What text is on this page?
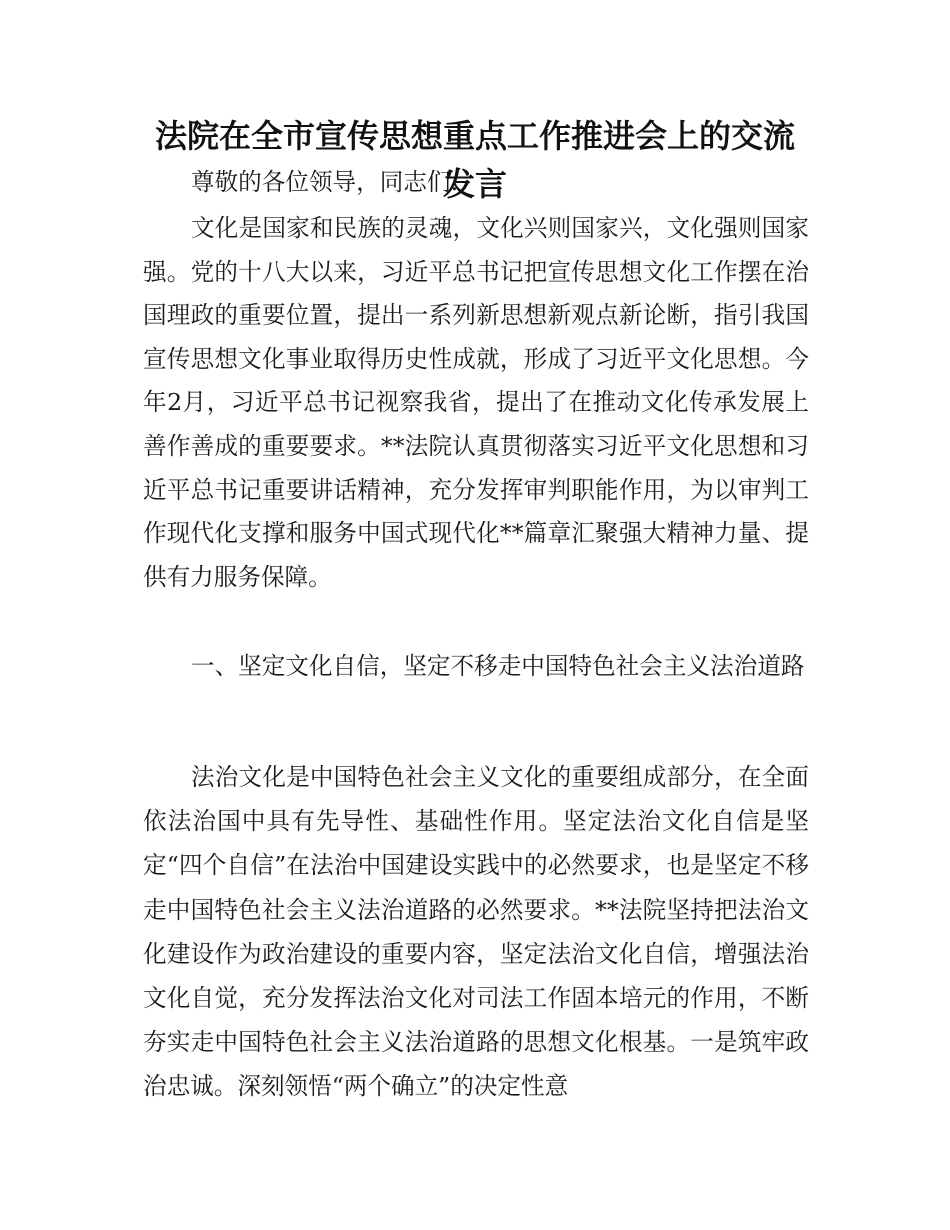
法院在全市宣传思想重点工作推进会上的交流
发言

尊敬的各位领导，同志们:

文化是国家和民族的灵魂，文化兴则国家兴，文化强则国家强。党的十八大以来，习近平总书记把宣传思想文化工作摆在治国理政的重要位置，提出一系列新思想新观点新论断，指引我国宣传思想文化事业取得历史性成就，形成了习近平文化思想。今年2月，习近平总书记视察我省，提出了在推动文化传承发展上善作善成的重要要求。**法院认真贯彻落实习近平文化思想和习近平总书记重要讲话精神，充分发挥审判职能作用，为以审判工作现代化支撑和服务中国式现代化**篇章汇聚强大精神力量、提供有力服务保障。

一、坚定文化自信，坚定不移走中国特色社会主义法治道路

法治文化是中国特色社会主义文化的重要组成部分，在全面依法治国中具有先导性、基础性作用。坚定法治文化自信是坚定“四个自信”在法治中国建设实践中的必然要求，也是坚定不移走中国特色社会主义法治道路的必然要求。**法院坚持把法治文化建设作为政治建设的重要内容，坚定法治文化自信，增强法治文化自觉，充分发挥法治文化对司法工作固本培元的作用，不断夯实走中国特色社会主义法治道路的思想文化根基。一是筑牢政治忠诚。深刻领悟“两个确立”的决定性意
